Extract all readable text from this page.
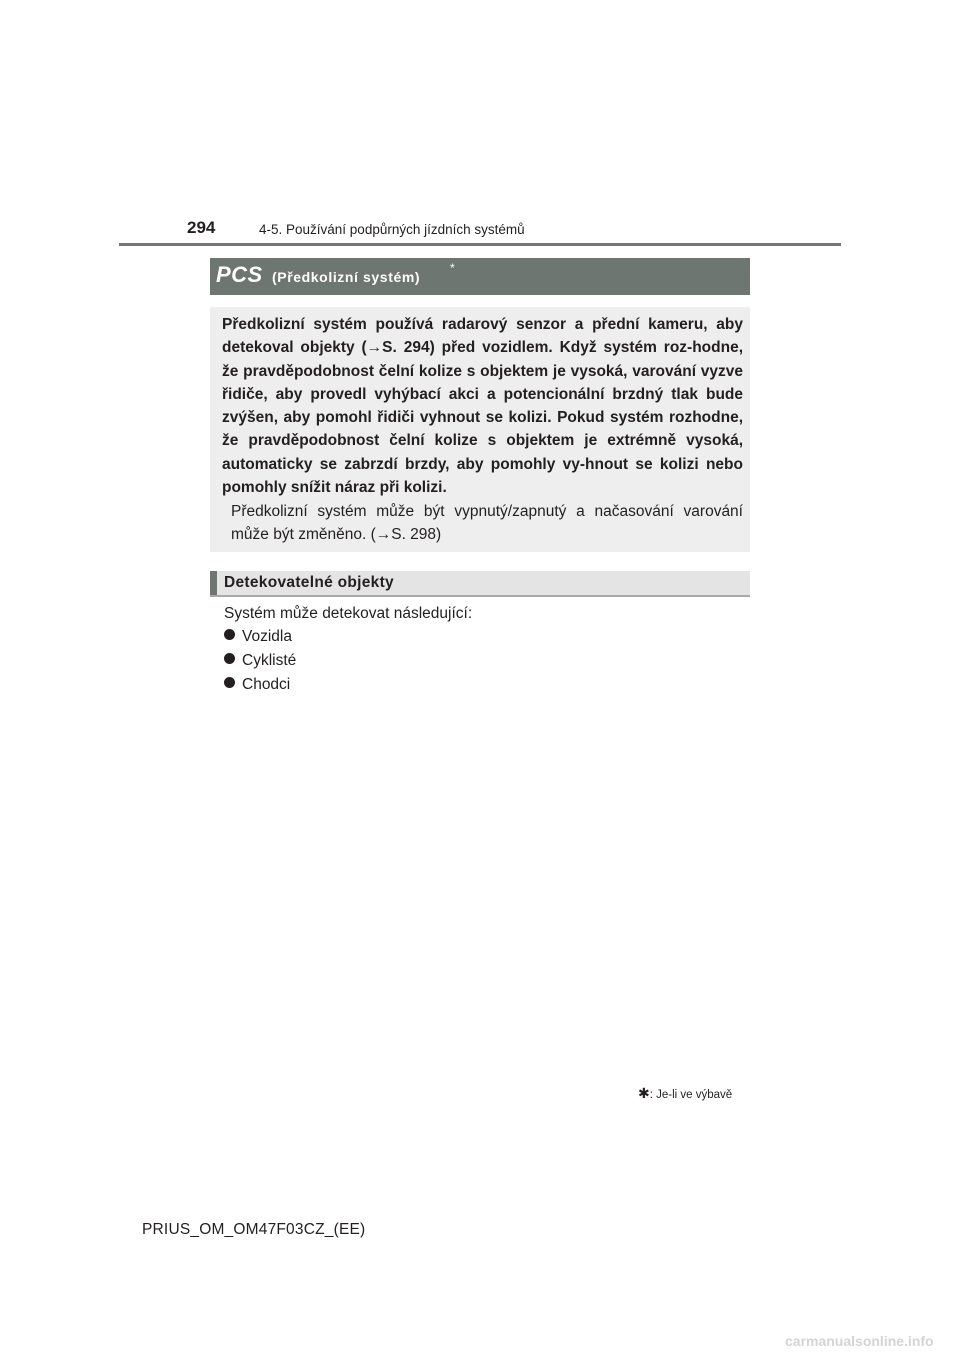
294	4-5. Používání podpůrných jízdních systémů
PCS (Předkolizní systém)
*

Předkolizní systém používá radarový senzor a přední kameru, aby detekoval objekty (→S. 294) před vozidlem. Když systém roz-hodne, že pravděpodobnost čelní kolize s objektem je vysoká, varování vyzve řidiče, aby provedl vyhýbací akci a potencionální brzdný tlak bude zvýšen, aby pomohl řidiči vyhnout se kolizi. Pokud systém rozhodne, že pravděpodobnost čelní kolize s objektem je extrémně vysoká, automaticky se zabrzdí brzdy, aby pomohly vy-hnout se kolizi nebo pomohly snížit náraz při kolizi.

Předkolizní systém může být vypnutý/zapnutý a načasování varování může být změněno. (→S. 298)

Detekovatelné objekty
Systém může detekovat následující:
Vozidla
Cyklisté
Chodci
✱: Je-li ve výbavě
PRIUS_OM_OM47F03CZ_(EE)
carmanualsonline.info
